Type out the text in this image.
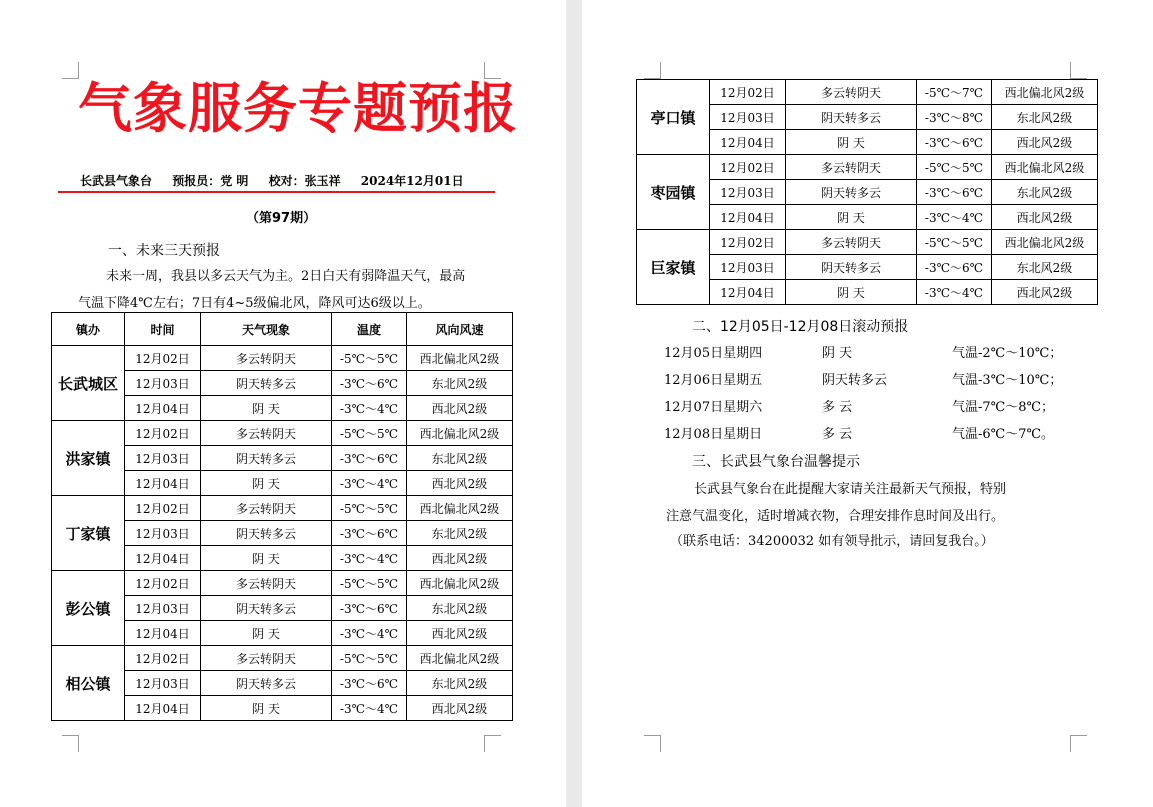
气象服务专题预报
长武县气象台 预报员：党 明 校对：张玉祥 2024年12月01日
（第97期）
一、未来三天预报
未来一周，我县以多云天气为主。2日白天有弱降温天气，最高
气温下降4℃左右；7日有4~5级偏北风，降风可达6级以上。
镇办	时间	天气现象	温度	风向风速
长武城区	12月02日	多云转阴天	-5℃～5℃	西北偏北风2级
	12月03日	阴天转多云	-3℃～6℃	东北风2级
	12月04日	阴 天	-3℃～4℃	西北风2级
洪家镇	12月02日	多云转阴天	-5℃～5℃	西北偏北风2级
	12月03日	阴天转多云	-3℃～6℃	东北风2级
	12月04日	阴 天	-3℃～4℃	西北风2级
丁家镇	12月02日	多云转阴天	-5℃～5℃	西北偏北风2级
	12月03日	阴天转多云	-3℃～6℃	东北风2级
	12月04日	阴 天	-3℃～4℃	西北风2级
彭公镇	12月02日	多云转阴天	-5℃～5℃	西北偏北风2级
	12月03日	阴天转多云	-3℃～6℃	东北风2级
	12月04日	阴 天	-3℃～4℃	西北风2级
相公镇	12月02日	多云转阴天	-5℃～5℃	西北偏北风2级
	12月03日	阴天转多云	-3℃～6℃	东北风2级
	12月04日	阴 天	-3℃～4℃	西北风2级
亭口镇	12月02日	多云转阴天	-5℃～7℃	西北偏北风2级
	12月03日	阴天转多云	-3℃～8℃	东北风2级
	12月04日	阴 天	-3℃～6℃	西北风2级
枣园镇	12月02日	多云转阴天	-5℃～5℃	西北偏北风2级
	12月03日	阴天转多云	-3℃～6℃	东北风2级
	12月04日	阴 天	-3℃～4℃	西北风2级
巨家镇	12月02日	多云转阴天	-5℃～5℃	西北偏北风2级
	12月03日	阴天转多云	-3℃～6℃	东北风2级
	12月04日	阴 天	-3℃～4℃	西北风2级
二、12月05日-12月08日滚动预报
12月05日星期四	阴 天	气温-2℃～10℃；
12月06日星期五	阴天转多云	气温-3℃～10℃；
12月07日星期六	多 云	气温-7℃～8℃；
12月08日星期日	多 云	气温-6℃～7℃。
三、长武县气象台温馨提示
长武县气象台在此提醒大家请关注最新天气预报，特别
注意气温变化，适时增减衣物，合理安排作息时间及出行。
（联系电话：34200032 如有领导批示，请回复我台。）
